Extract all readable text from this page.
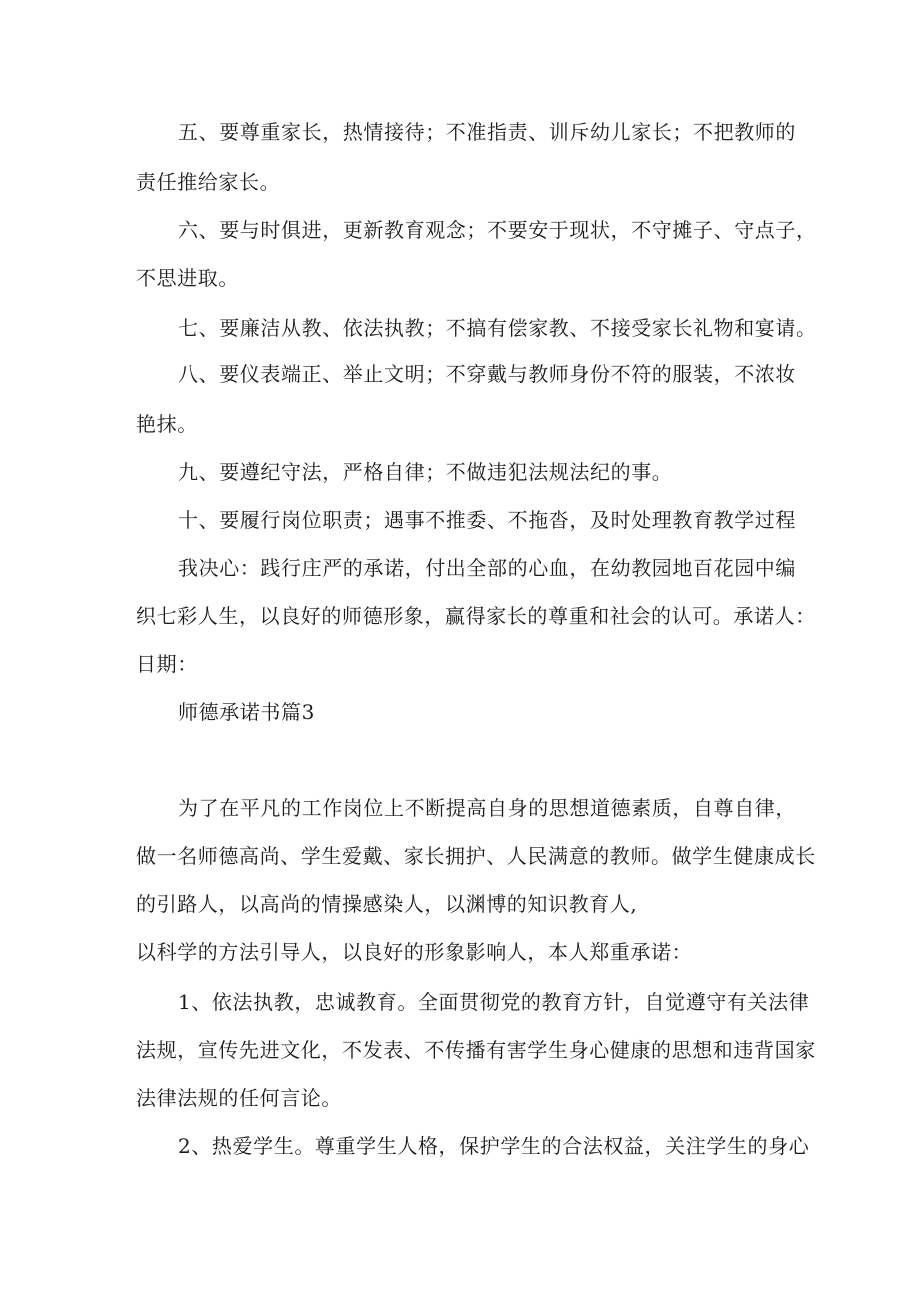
五、要尊重家长，热情接待；不准指责、训斥幼儿家长；不把教师的
责任推给家长。
六、要与时俱进，更新教育观念；不要安于现状，不守摊子、守点子，
不思进取。
七、要廉洁从教、依法执教；不搞有偿家教、不接受家长礼物和宴请。
八、要仪表端正、举止文明；不穿戴与教师身份不符的服装，不浓妆
艳抹。
九、要遵纪守法，严格自律；不做违犯法规法纪的事。
十、要履行岗位职责；遇事不推委、不拖沓，及时处理教育教学过程
我决心：践行庄严的承诺，付出全部的心血，在幼教园地百花园中编
织七彩人生，以良好的师德形象，赢得家长的尊重和社会的认可。承诺人：
日期：
师德承诺书篇3
为了在平凡的工作岗位上不断提高自身的思想道德素质，自尊自律，
做一名师德高尚、学生爱戴、家长拥护、人民满意的教师。做学生健康成长
的引路人，以高尚的情操感染人，以渊博的知识教育人,
以科学的方法引导人，以良好的形象影响人，本人郑重承诺：
1、依法执教，忠诚教育。全面贯彻党的教育方针，自觉遵守有关法律
法规，宣传先进文化，不发表、不传播有害学生身心健康的思想和违背国家
法律法规的任何言论。
2、热爱学生。尊重学生人格，保护学生的合法权益，关注学生的身心
